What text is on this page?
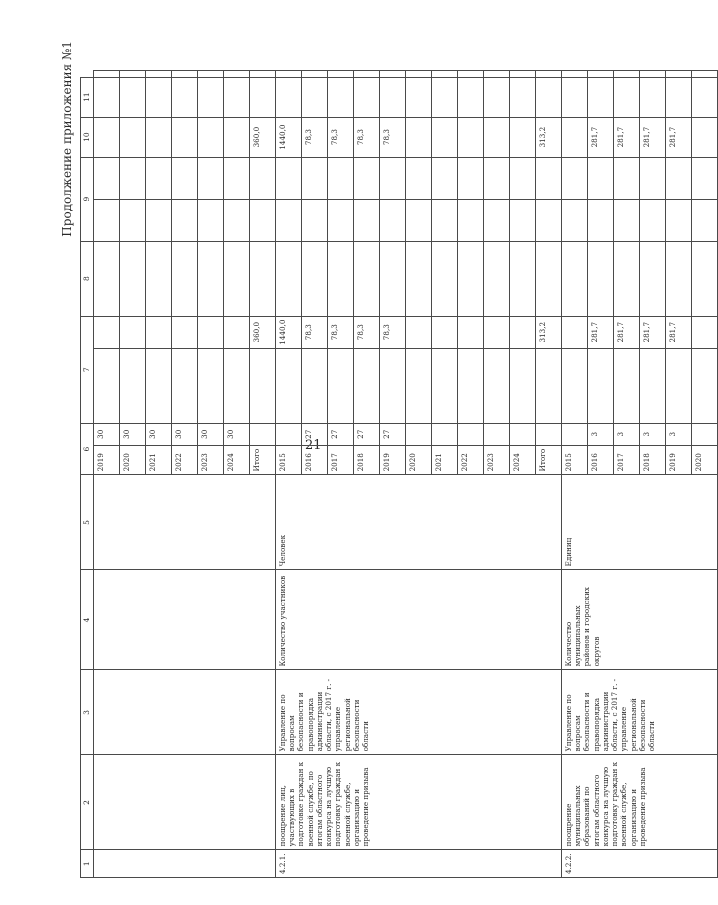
21
Продолжение приложения №1
1	2	3	4	5	6		7		8	9		10	11	
					2019	30								
					2020	30								
					2021	30								
					2022	30								
					2023	30								
					2024	30								
					Итого			360,0				360,0		
4.2.1.	поощрение лиц, участвующих в подготовке граждан к военной службе, по итогам областного конкурса на лучшую подготовку граждан к военной службе, организацию и проведение призыва	Управление по вопросам безопасности и правопорядка администрации области, с 2017 г. - управление региональной безопасности области	Количество участников	Человек	2015			1440,0				1440,0		
					2016	27		78,3				78,3		
					2017	27		78,3				78,3		
					2018	27		78,3				78,3		
					2019	27		78,3				78,3		
					2020									
					2021									
					2022									
					2023									
					2024									
					Итого			313,2				313,2		
4.2.2.	поощрение муниципальных образований по итогам областного конкурса на лучшую подготовку граждан к военной службе, организацию и проведение призыва	Управление по вопросам безопасности и правопорядка администрации области, с 2017 г. - управление региональной безопасности области	Количество муниципальных районов и городских округов	Единиц	2015									
					2016	3		281,7				281,7		
					2017	3		281,7				281,7		
					2018	3		281,7				281,7		
					2019	3		281,7				281,7		
					2020									
